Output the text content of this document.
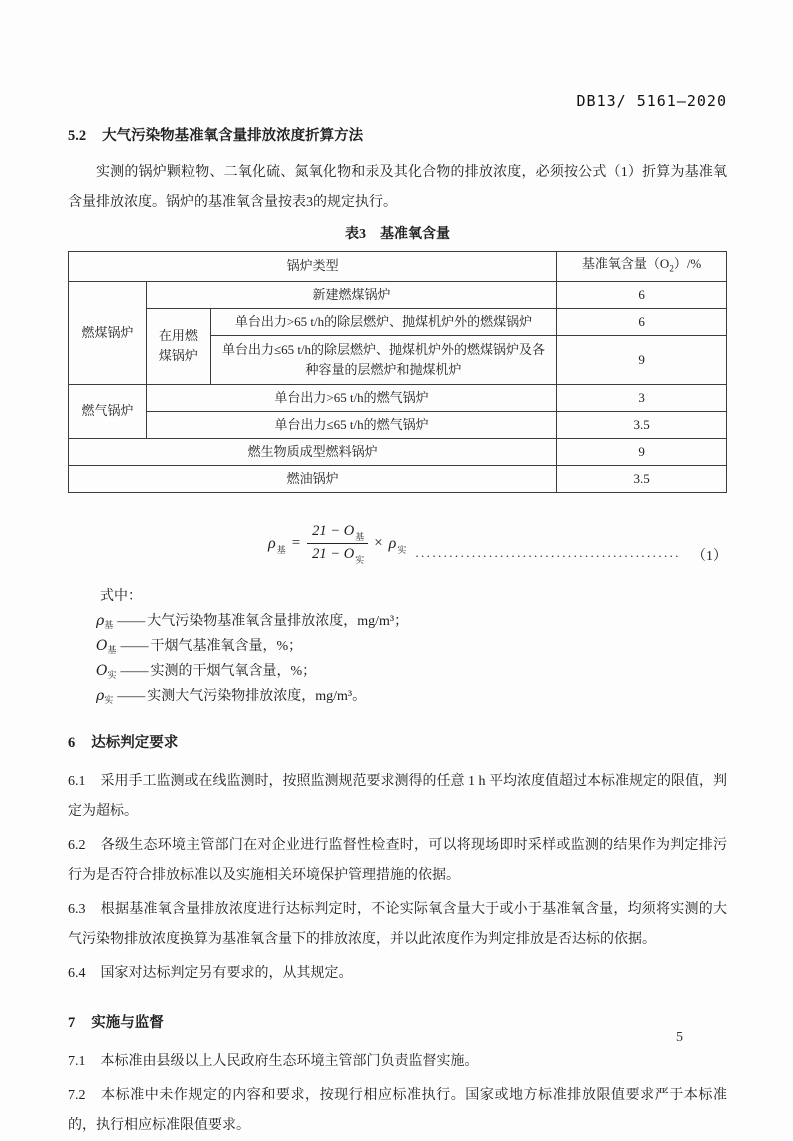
DB13/ 5161—2020
5.2 大气污染物基准氧含量排放浓度折算方法

实测的锅炉颗粒物、二氧化硫、氮氧化物和汞及其化合物的排放浓度，必须按公式（1）折算为基准氧含量排放浓度。锅炉的基准氧含量按表3的规定执行。

表3　基准氧含量
锅炉类型			基准氧含量$(O_2)/\%$
燃煤锅炉	新建燃煤锅炉		6
	在用燃煤锅炉	单台出力>65 t/h的除层燃炉、抛煤机炉外的燃煤锅炉	6
		单台出力≤65 t/h的除层燃炉、抛煤机炉外的燃煤锅炉及各种容量的层燃炉和抛煤机炉	9
燃气锅炉	单台出力>65 t/h的燃气锅炉		3
	单台出力≤65 t/h的燃气锅炉		3.5
燃生物质成型燃料锅炉			9
燃油锅炉			3.5
$\rho_基 = \frac{21 - O_基}{21 - O_实} \times \rho_实$ ............................................... （1）
式中：
$\rho_基$ —— 大气污染物基准氧含量排放浓度，mg/m³；
$O_基$ —— 干烟气基准氧含量，%；
$O_实$ —— 实测的干烟气氧含量，%；
$\rho_实$ —— 实测大气污染物排放浓度，mg/m³。
6 达标判定要求

6.1 采用手工监测或在线监测时，按照监测规范要求测得的任意 1 h 平均浓度值超过本标准规定的限值，判定为超标。

6.2 各级生态环境主管部门在对企业进行监督性检查时，可以将现场即时采样或监测的结果作为判定排污行为是否符合排放标准以及实施相关环境保护管理措施的依据。

6.3 根据基准氧含量排放浓度进行达标判定时，不论实际氧含量大于或小于基准氧含量，均须将实测的大气污染物排放浓度换算为基准氧含量下的排放浓度，并以此浓度作为判定排放是否达标的依据。

6.4 国家对达标判定另有要求的，从其规定。

7 实施与监督

7.1 本标准由县级以上人民政府生态环境主管部门负责监督实施。

7.2 本标准中未作规定的内容和要求，按现行相应标准执行。国家或地方标准排放限值要求严于本标准的，执行相应标准限值要求。

5
